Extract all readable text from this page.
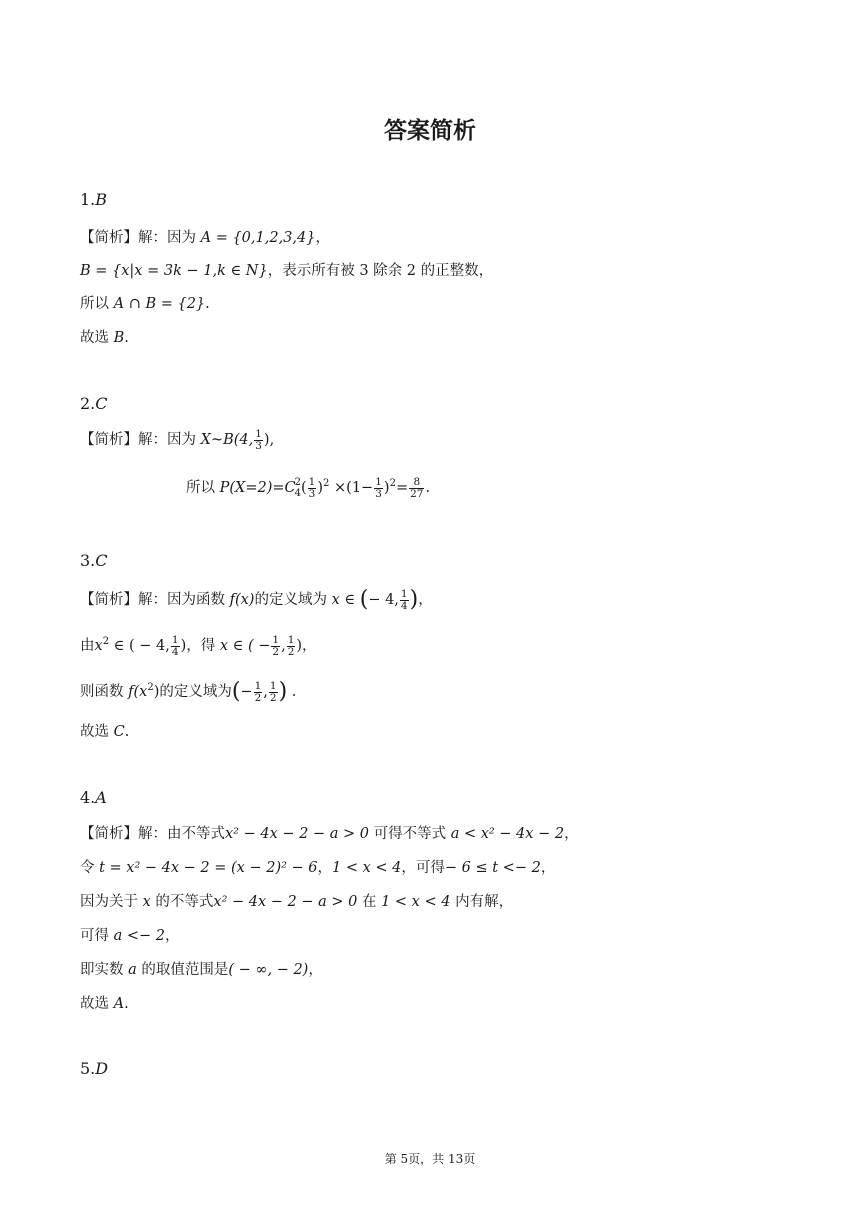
答案简析
1.B
【简析】解：因为 A = {0,1,2,3,4}，
B = {x|x = 3k − 1,k ∈ N}，表示所有被 3 除余 2 的正整数，
所以 A ∩ B = {2}.
故选 B.
2.C
【简析】解：因为 X~B(4, $\frac{1}{3}$ ),
所以 P(X=2)=C 2
4 ( $\frac{1}{3} )^2 \times(1- \frac{1}{3} )^2= \frac{8}{27}$ .
3.C
【简析】解：因为函数 f(x)的定义域为 x ∈ (− 4, $\frac{1}{4}$ )，
由$x^2$ ∈ ( − 4, $\frac{1}{4}$ )，得 x ∈ ( − $\frac{1}{2}$ , $\frac{1}{2}$ )，
则函数 $f(x^2)$的定义域为(− $\frac{1}{2}$ , $\frac{1}{2}$ ) .
故选 C.
4.A
【简析】解：由不等式x² − 4x − 2 − a > 0 可得不等式 a < x² − 4x − 2，
令 t = x² − 4x − 2 = (x − 2)² − 6，1 < x < 4，可得− 6 ≤ t <− 2，
因为关于 x 的不等式x² − 4x − 2 − a > 0 在 1 < x < 4 内有解，
可得 a <− 2，
即实数 a 的取值范围是( − ∞, − 2)，
故选 A.
5.D
第 5页，共 13页
